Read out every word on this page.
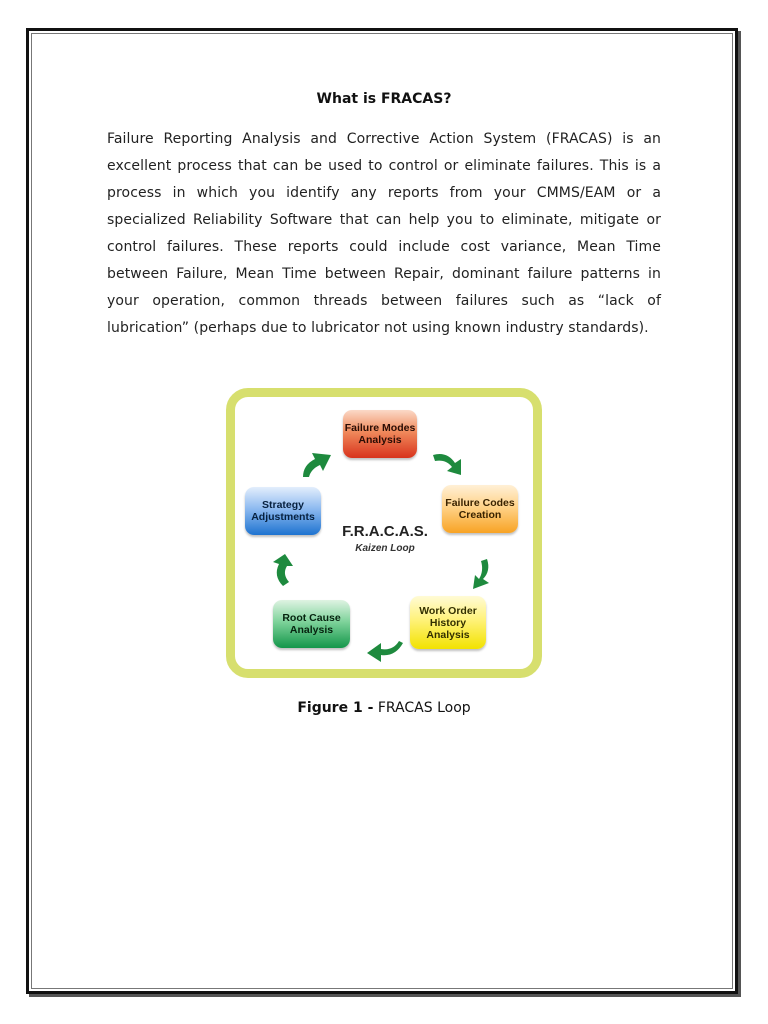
What is FRACAS?

Failure Reporting Analysis and Corrective Action System (FRACAS) is an excellent process that can be used to control or eliminate failures. This is a process in which you identify any reports from your CMMS/EAM or a specialized Reliability Software that can help you to eliminate, mitigate or control failures. These reports could include cost variance, Mean Time between Failure, Mean Time between Repair, dominant failure patterns in your operation, common threads between failures such as “lack of lubrication” (perhaps due to lubricator not using known industry standards).

Failure Modes Analysis
Failure Codes Creation
Work Order History Analysis
Root Cause Analysis
Strategy Adjustments
F.R.A.C.A.S.
Kaizen Loop
Figure 1 - FRACAS Loop
